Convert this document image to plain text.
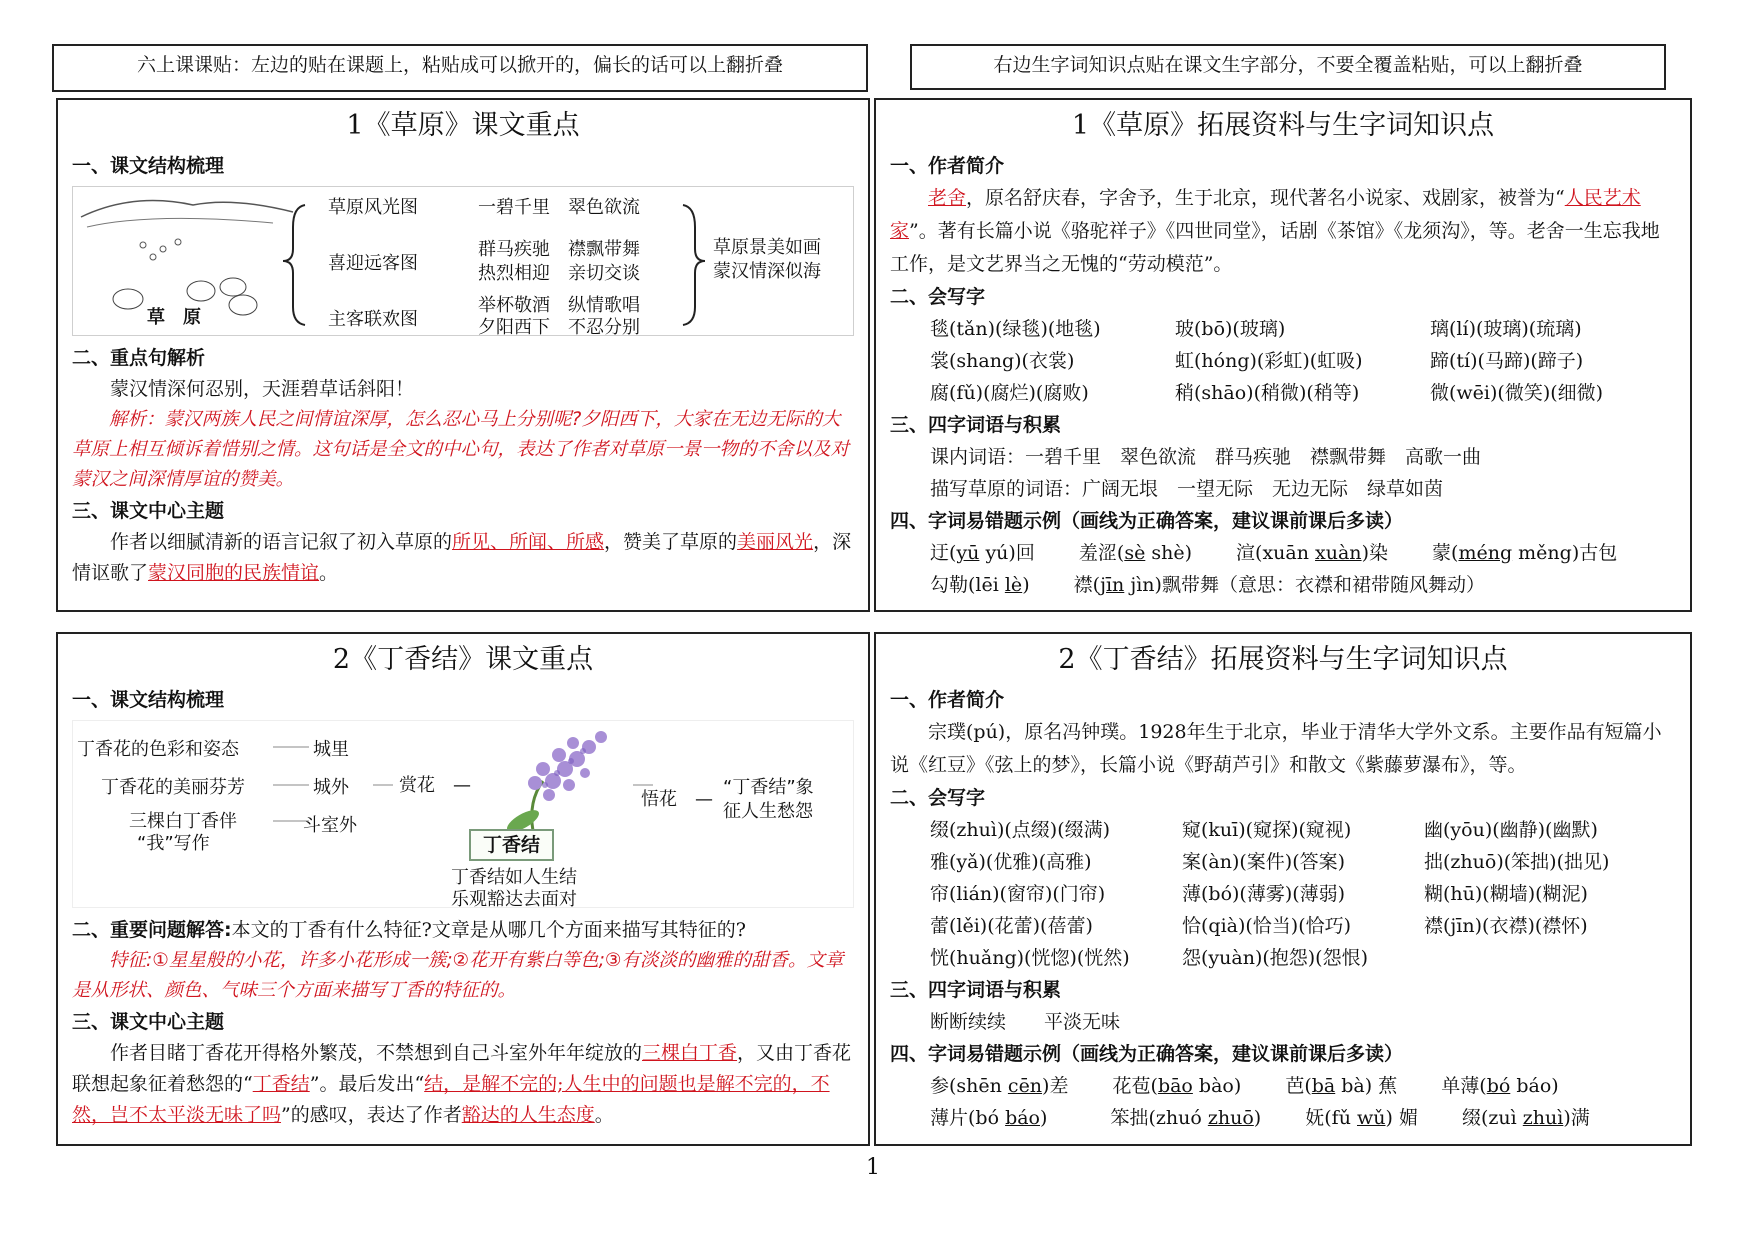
六上课课贴：左边的贴在课题上，粘贴成可以掀开的，偏长的话可以上翻折叠	右边生字词知识点贴在课文生字部分，不要全覆盖粘贴，可以上翻折叠
1《草原》课文重点
一、课文结构梳理
草　原
草原风光图
喜迎远客图
主客联欢图
一碧千里　翠色欲流
群马疾驰　襟飘带舞
热烈相迎　亲切交谈
举杯敬酒　纵情歌唱
夕阳西下　不忍分别
草原景美如画
蒙汉情深似海
二、重点句解析

蒙汉情深何忍别，天涯碧草话斜阳！

解析：蒙汉两族人民之间情谊深厚，怎么忍心马上分别呢?夕阳西下，大家在无边无际的大草原上相互倾诉着惜别之情。这句话是全文的中心句，表达了作者对草原一景一物的不舍以及对蒙汉之间深情厚谊的赞美。

三、课文中心主题

作者以细腻清新的语言记叙了初入草原的所见、所闻、所感，赞美了草原的美丽风光，深情讴歌了蒙汉同胞的民族情谊。

1《草原》拓展资料与生字词知识点
一、作者简介

老舍，原名舒庆春，字舍予，生于北京，现代著名小说家、戏剧家，被誉为“人民艺术家”。著有长篇小说《骆驼祥子》《四世同堂》，话剧《茶馆》《龙须沟》，等。老舍一生忘我地工作，是文艺界当之无愧的“劳动模范”。

二、会写字
毯(tǎn)(绿毯)(地毯)	玻(bō)(玻璃)	璃(lí)(玻璃)(琉璃)
裳(shang)(衣裳)	虹(hóng)(彩虹)(虹吸)	蹄(tí)(马蹄)(蹄子)
腐(fǔ)(腐烂)(腐败)	稍(shāo)(稍微)(稍等)	微(wēi)(微笑)(细微)
三、四字词语与积累
课内词语：一碧千里　翠色欲流　群马疾驰　襟飘带舞　高歌一曲
描写草原的词语：广阔无垠　一望无际　无边无际　绿草如茵
四、字词易错题示例（画线为正确答案，建议课前课后多读）
迂(yū yú)回   羞涩(sè shè)   渲(xuān xuàn)染   蒙(méng měng)古包
勾勒(lēi lè)   襟(jīn jìn)飘带舞（意思：衣襟和裙带随风舞动）
2《丁香结》课文重点
一、课文结构梳理
丁香花的色彩和姿态
丁香花的美丽芬芳
三棵白丁香伴
“我”写作
城里
城外
斗室外
赏花　—
丁香结
悟花　—
“丁香结”象
征人生愁怨
丁香结如人生结
乐观豁达去面对
二、重要问题解答:本文的丁香有什么特征?文章是从哪几个方面来描写其特征的?

特征:①星星般的小花，许多小花形成一簇;②花开有紫白等色;③有淡淡的幽雅的甜香。文章是从形状、颜色、气味三个方面来描写丁香的特征的。

三、课文中心主题

作者目睹丁香花开得格外繁茂，不禁想到自己斗室外年年绽放的三棵白丁香，又由丁香花联想起象征着愁怨的“丁香结”。最后发出“结，是解不完的;人生中的问题也是解不完的，不然，岂不太平淡无味了吗”的感叹，表达了作者豁达的人生态度。

2《丁香结》拓展资料与生字词知识点
一、作者简介

宗璞(pú)，原名冯钟璞。1928年生于北京，毕业于清华大学外文系。主要作品有短篇小说《红豆》《弦上的梦》，长篇小说《野葫芦引》和散文《紫藤萝瀑布》，等。

二、会写字
缀(zhuì)(点缀)(缀满)	窥(kuī)(窥探)(窥视)	幽(yōu)(幽静)(幽默)
雅(yǎ)(优雅)(高雅)	案(àn)(案件)(答案)	拙(zhuō)(笨拙)(拙见)
帘(lián)(窗帘)(门帘)	薄(bó)(薄雾)(薄弱)	糊(hū)(糊墙)(糊泥)
蕾(lěi)(花蕾)(蓓蕾)	恰(qià)(恰当)(恰巧)	襟(jīn)(衣襟)(襟怀)
恍(huǎng)(恍惚)(恍然)	怨(yuàn)(抱怨)(怨恨)
三、四字词语与积累
断断续续　　平淡无味
四、字词易错题示例（画线为正确答案，建议课前课后多读）
参(shēn cēn)差   花苞(bāo bào)   芭(bā bà) 蕉   单薄(bó báo)
薄片(bó báo)   	笨拙(zhuó zhuō)   妩(fǔ wǔ) 媚   缀(zuì zhuì)满
1
